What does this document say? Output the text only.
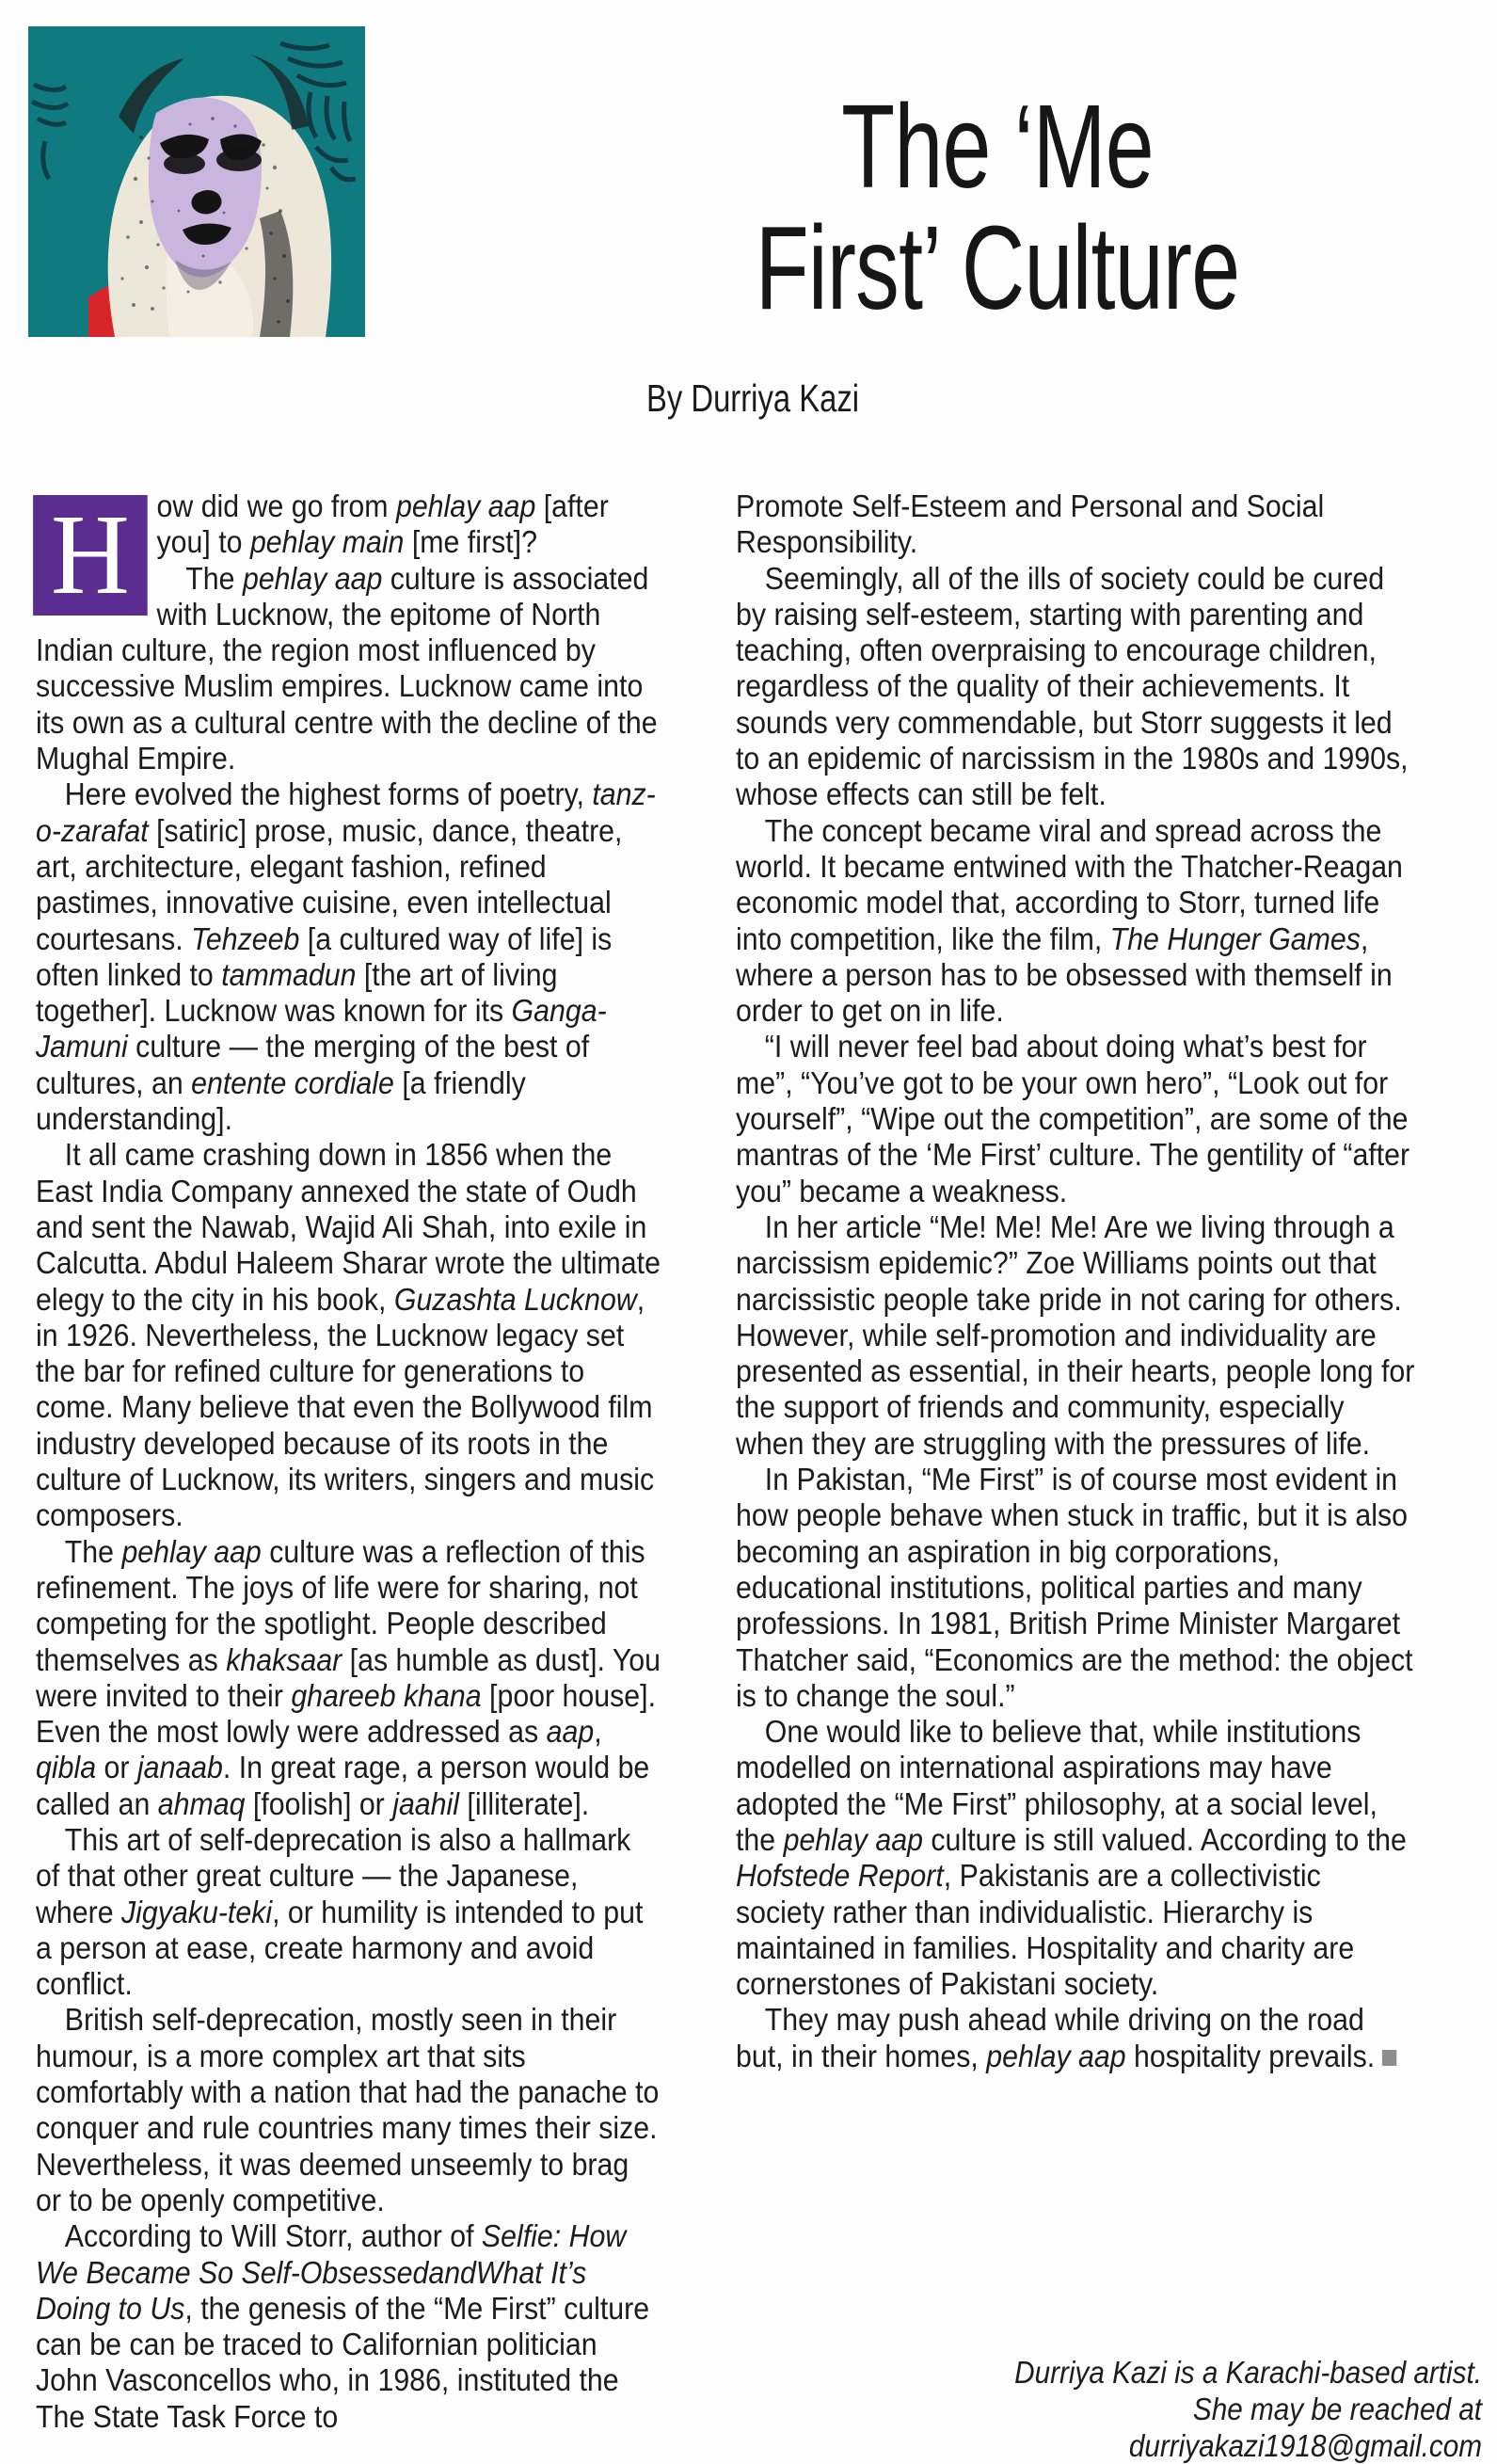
The ‘Me
First’ Culture
By Durriya Kazi

H ow did we go from pehlay aap [after you] to pehlay main [me first]?

The pehlay aap culture is associated with Lucknow, the epitome of North Indian culture, the region most influenced by successive Muslim empires. Lucknow came into its own as a cultural centre with the decline of the Mughal Empire.

Here evolved the highest forms of poetry, tanz-o-zarafat [satiric] prose, music, dance, theatre, art, architecture, elegant fashion, refined pastimes, innovative cuisine, even intellectual courtesans. Tehzeeb [a cultured way of life] is often linked to tammadun [the art of living together]. Lucknow was known for its Ganga-Jamuni culture — the merging of the best of cultures, an entente cordiale [a friendly understanding].

It all came crashing down in 1856 when the East India Company annexed the state of Oudh and sent the Nawab, Wajid Ali Shah, into exile in Calcutta. Abdul Haleem Sharar wrote the ultimate elegy to the city in his book, Guzashta Lucknow, in 1926. Nevertheless, the Lucknow legacy set the bar for refined culture for generations to come. Many believe that even the Bollywood film industry developed because of its roots in the culture of Lucknow, its writers, singers and music composers.

The pehlay aap culture was a reflection of this refinement. The joys of life were for sharing, not competing for the spotlight. People described themselves as khaksaar [as humble as dust]. You were invited to their ghareeb khana [poor house]. Even the most lowly were addressed as aap, qibla or janaab. In great rage, a person would be called an ahmaq [foolish] or jaahil [illiterate].

This art of self-deprecation is also a hallmark of that other great culture — the Japanese, where Jigyaku-teki, or humility is intended to put a person at ease, create harmony and avoid conflict.

British self-deprecation, mostly seen in their humour, is a more complex art that sits comfortably with a nation that had the panache to conquer and rule countries many times their size. Nevertheless, it was deemed unseemly to brag or to be openly competitive.

According to Will Storr, author of Selfie: How We Became So Self-ObsessedandWhat It’s Doing to Us, the genesis of the “Me First” culture can be can be traced to Californian politician John Vasconcellos who, in 1986, instituted the The State Task Force to

Promote Self-Esteem and Personal and Social Responsibility.

Seemingly, all of the ills of society could be cured by raising self-esteem, starting with parenting and teaching, often overpraising to encourage children, regardless of the quality of their achievements. It sounds very commendable, but Storr suggests it led to an epidemic of narcissism in the 1980s and 1990s, whose effects can still be felt.

The concept became viral and spread across the world. It became entwined with the Thatcher-Reagan economic model that, according to Storr, turned life into competition, like the film, The Hunger Games, where a person has to be obsessed with themself in order to get on in life.

“I will never feel bad about doing what’s best for me”, “You’ve got to be your own hero”, “Look out for yourself”, “Wipe out the competition”, are some of the mantras of the ‘Me First’ culture. The gentility of “after you” became a weakness.

In her article “Me! Me! Me! Are we living through a narcissism epidemic?” Zoe Williams points out that narcissistic people take pride in not caring for others. However, while self-promotion and individuality are presented as essential, in their hearts, people long for the support of friends and community, especially when they are struggling with the pressures of life.

In Pakistan, “Me First” is of course most evident in how people behave when stuck in traffic, but it is also becoming an aspiration in big corporations, educational institutions, political parties and many professions. In 1981, British Prime Minister Margaret Thatcher said, “Economics are the method: the object is to change the soul.”

One would like to believe that, while institutions modelled on international aspirations may have adopted the “Me First” philosophy, at a social level, the pehlay aap culture is still valued. According to the Hofstede Report, Pakistanis are a collectivistic society rather than individualistic. Hierarchy is maintained in families. Hospitality and charity are cornerstones of Pakistani society.

They may push ahead while driving on the road but, in their homes, pehlay aap hospitality prevails.

Durriya Kazi is a Karachi-based artist.
She may be reached at
durriyakazi1918@gmail.com
